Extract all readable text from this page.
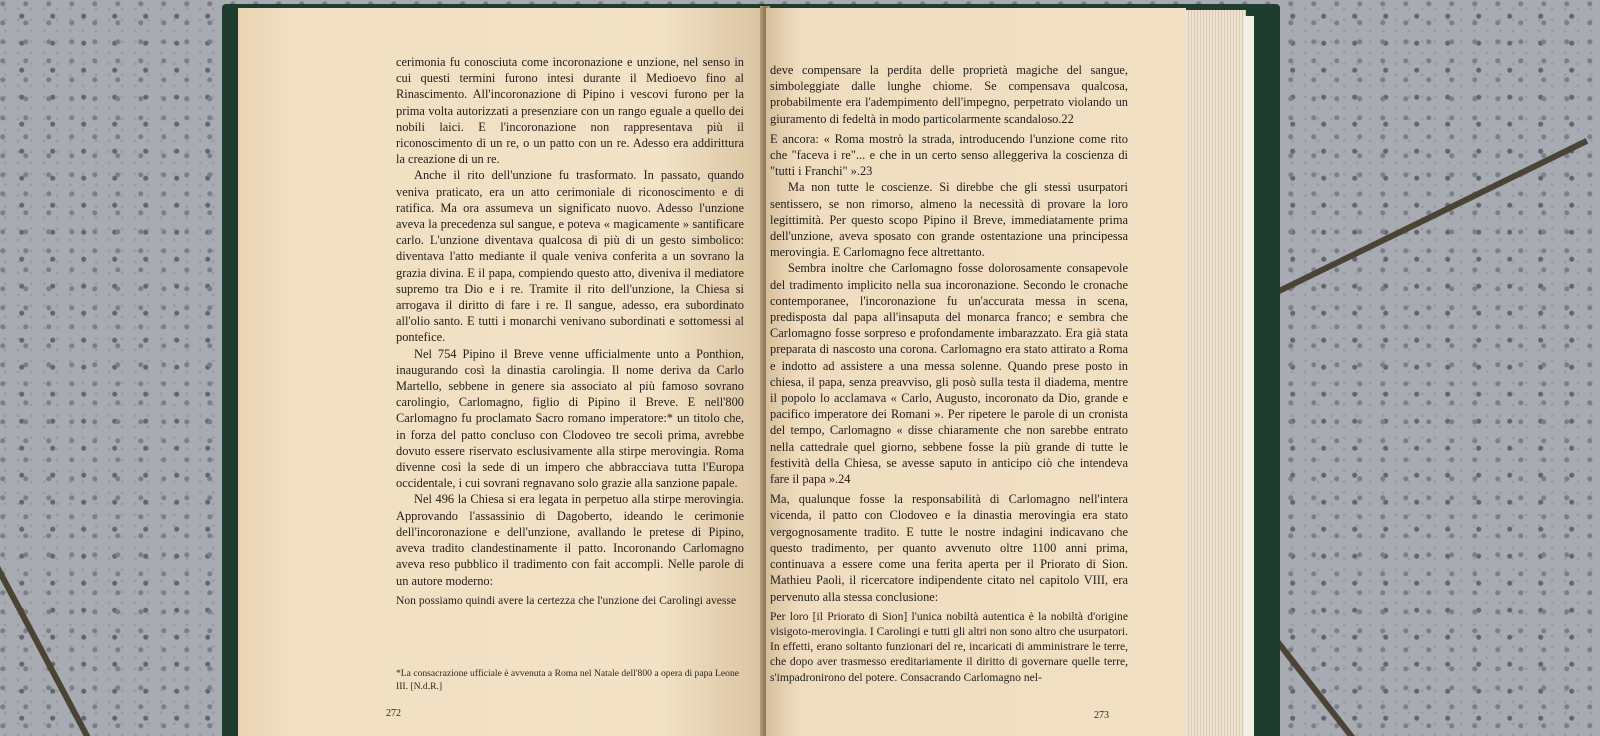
cerimonia fu conosciuta come incoronazione e unzione, nel senso in cui questi termini furono intesi durante il Medioevo fino al Rinascimento. All'incoronazione di Pipino i vescovi furono per la prima volta autorizzati a presenziare con un rango eguale a quello dei nobili laici. E l'incoronazione non rappresentava più il riconoscimento di un re, o un patto con un re. Adesso era addirittura la creazione di un re.

Anche il rito dell'unzione fu trasformato. In passato, quando veniva praticato, era un atto cerimoniale di riconoscimento e di ratifica. Ma ora assumeva un significato nuovo. Adesso l'unzione aveva la precedenza sul sangue, e poteva « magicamente » santificare carlo. L'unzione diventava qualcosa di più di un gesto simbolico: diventava l'atto mediante il quale veniva conferita a un sovrano la grazia divina. E il papa, compiendo questo atto, diveniva il mediatore supremo tra Dio e i re. Tramite il rito dell'unzione, la Chiesa si arrogava il diritto di fare i re. Il sangue, adesso, era subordinato all'olio santo. E tutti i monarchi venivano subordinati e sottomessi al pontefice.

Nel 754 Pipino il Breve venne ufficialmente unto a Ponthion, inaugurando così la dinastia carolingia. Il nome deriva da Carlo Martello, sebbene in genere sia associato al più famoso sovrano carolingio, Carlomagno, figlio di Pipino il Breve. E nell'800 Carlomagno fu proclamato Sacro romano imperatore:* un titolo che, in forza del patto concluso con Clodoveo tre secoli prima, avrebbe dovuto essere riservato esclusivamente alla stirpe merovingia. Roma divenne così la sede di un impero che abbracciava tutta l'Europa occidentale, i cui sovrani regnavano solo grazie alla sanzione papale.

Nel 496 la Chiesa si era legata in perpetuo alla stirpe merovingia. Approvando l'assassinio di Dagoberto, ideando le cerimonie dell'incoronazione e dell'unzione, avallando le pretese di Pipino, aveva tradito clandestinamente il patto. Incoronando Carlomagno aveva reso pubblico il tradimento con fait accompli. Nelle parole di un autore moderno:

Non possiamo quindi avere la certezza che l'unzione dei Carolingi avesse

*La consacrazione ufficiale è avvenuta a Roma nel Natale dell'800 a opera di papa Leone III. [N.d.R.]
272

deve compensare la perdita delle proprietà magiche del sangue, simboleggiate dalle lunghe chiome. Se compensava qualcosa, probabilmente era l'adempimento dell'impegno, perpetrato violando un giuramento di fedeltà in modo particolarmente scandaloso.22

E ancora: « Roma mostrò la strada, introducendo l'unzione come rito che "faceva i re"... e che in un certo senso alleggeriva la coscienza di "tutti i Franchi" ».23

Ma non tutte le coscienze. Si direbbe che gli stessi usurpatori sentissero, se non rimorso, almeno la necessità di provare la loro legittimità. Per questo scopo Pipino il Breve, immediatamente prima dell'unzione, aveva sposato con grande ostentazione una principessa merovingia. E Carlomagno fece altrettanto.

Sembra inoltre che Carlomagno fosse dolorosamente consapevole del tradimento implicito nella sua incoronazione. Secondo le cronache contemporanee, l'incoronazione fu un'accurata messa in scena, predisposta dal papa all'insaputa del monarca franco; e sembra che Carlomagno fosse sorpreso e profondamente imbarazzato. Era già stata preparata di nascosto una corona. Carlomagno era stato attirato a Roma e indotto ad assistere a una messa solenne. Quando prese posto in chiesa, il papa, senza preavviso, gli posò sulla testa il diadema, mentre il popolo lo acclamava « Carlo, Augusto, incoronato da Dio, grande e pacifico imperatore dei Romani ». Per ripetere le parole di un cronista del tempo, Carlomagno « disse chiaramente che non sarebbe entrato nella cattedrale quel giorno, sebbene fosse la più grande di tutte le festività della Chiesa, se avesse saputo in anticipo ciò che intendeva fare il papa ».24

Ma, qualunque fosse la responsabilità di Carlomagno nell'intera vicenda, il patto con Clodoveo e la dinastia merovingia era stato vergognosamente tradito. E tutte le nostre indagini indicavano che questo tradimento, per quanto avvenuto oltre 1100 anni prima, continuava a essere come una ferita aperta per il Priorato di Sion. Mathieu Paoli, il ricercatore indipendente citato nel capitolo VIII, era pervenuto alla stessa conclusione:

Per loro [il Priorato di Sion] l'unica nobiltà autentica è la nobiltà d'origine visigoto-merovingia. I Carolingi e tutti gli altri non sono altro che usurpatori. In effetti, erano soltanto funzionari del re, incaricati di amministrare le terre, che dopo aver trasmesso ereditariamente il diritto di governare quelle terre, s'impadronirono del potere. Consacrando Carlomagno nel-

273
